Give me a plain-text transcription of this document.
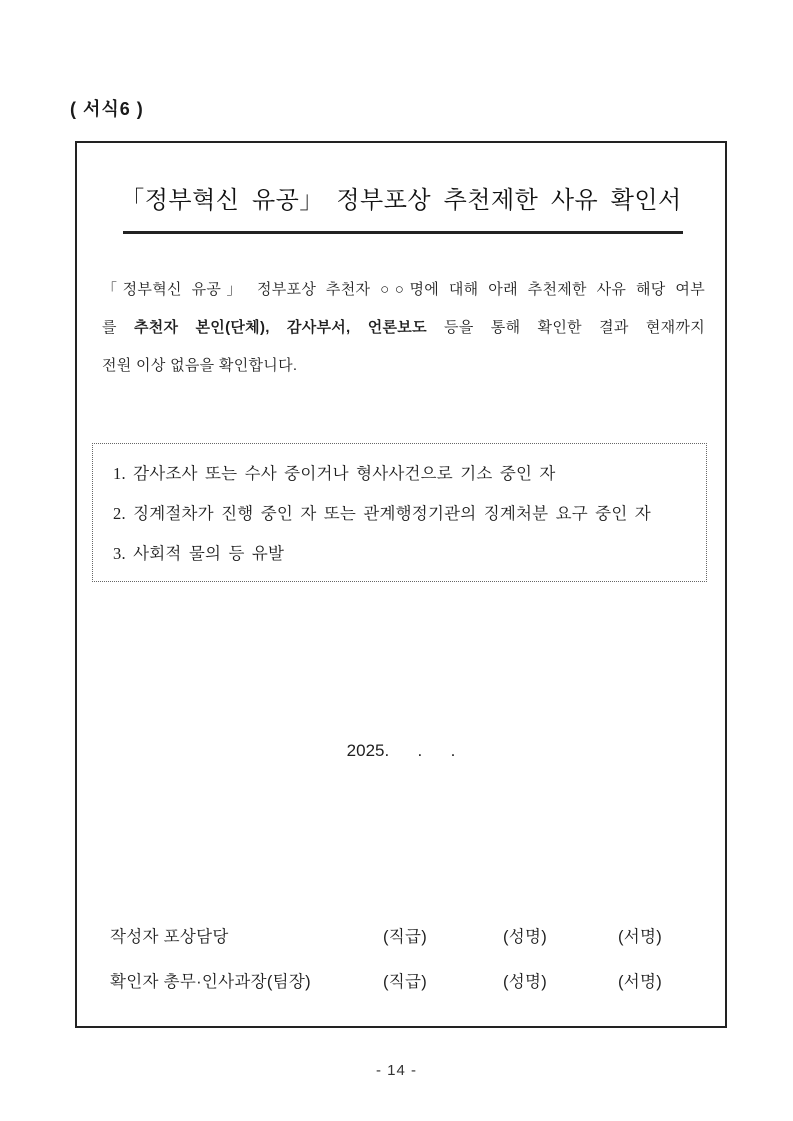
( 서식6 )
「정부혁신 유공」 정부포상 추천제한 사유 확인서
「정부혁신 유공」 정부포상 추천자 ○○명에 대해 아래 추천제한 사유 해당 여부
를 추천자 본인(단체), 감사부서, 언론보도 등을 통해 확인한 결과 현재까지
전원 이상 없음을 확인합니다.
1. 감사조사 또는 수사 중이거나 형사사건으로 기소 중인 자
2. 징계절차가 진행 중인 자 또는 관계행정기관의 징계처분 요구 중인 자
3. 사회적 물의 등 유발
2025.      .      .
작성자 포상담당	(직급)	(성명)	(서명)
확인자 총무·인사과장(팀장)	(직급)	(성명)	(서명)
- 14 -
